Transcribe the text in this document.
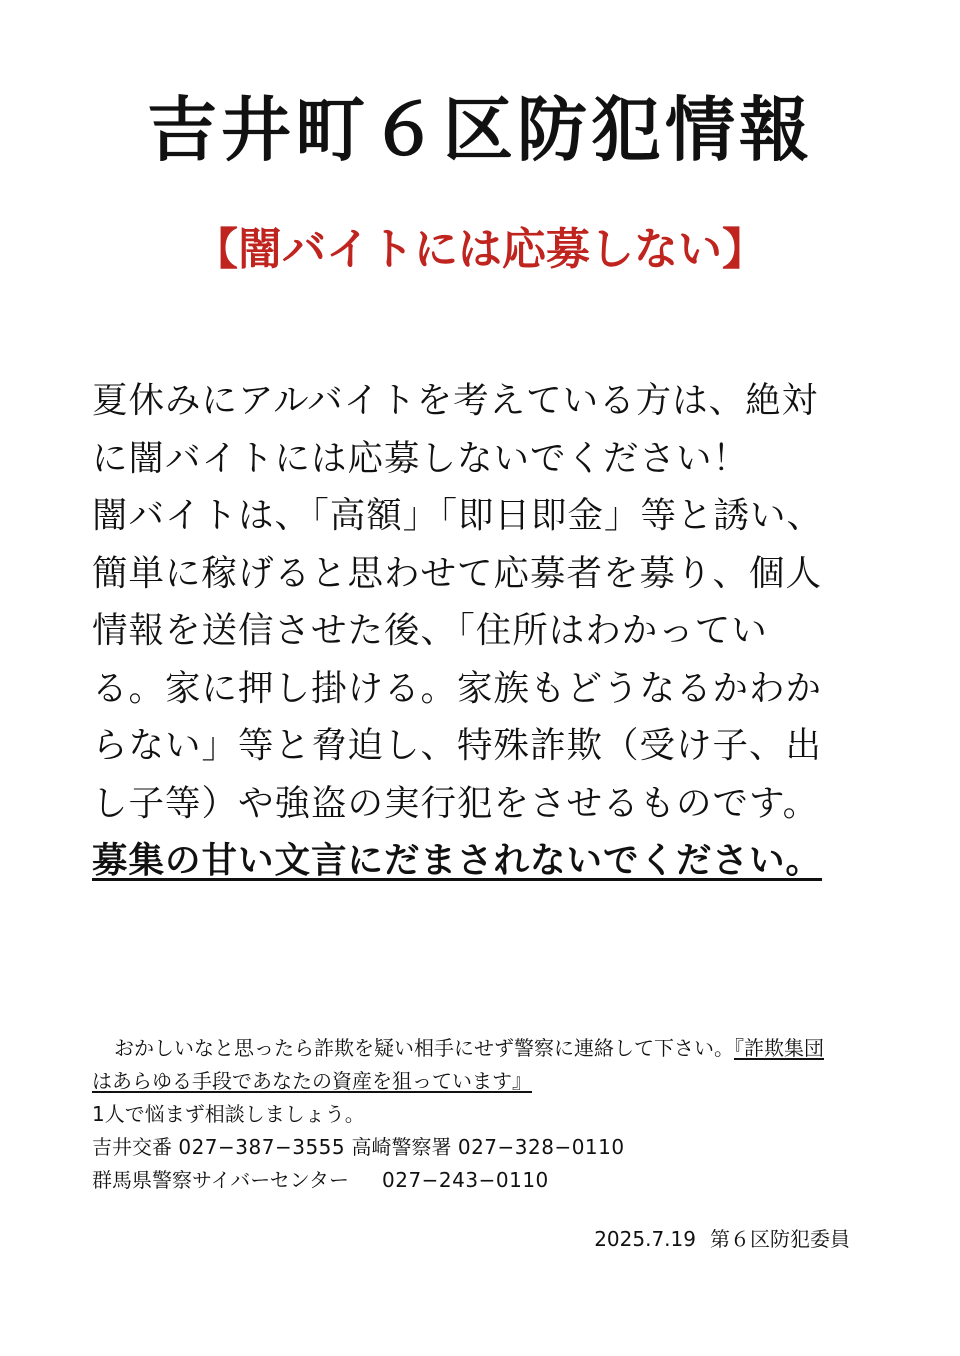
吉井町６区防犯情報
【闇バイトには応募しない】
夏休みにアルバイトを考えている方は、絶対
に闇バイトには応募しないでください！
闇バイトは、「高額」「即日即金」等と誘い、
簡単に稼げると思わせて応募者を募り、個人
情報を送信させた後、「住所はわかってい
る。家に押し掛ける。家族もどうなるかわか
らない」等と脅迫し、特殊詐欺（受け子、出
し子等）や強盗の実行犯をさせるものです。
募集の甘い文言にだまされないでください。
おかしいなと思ったら詐欺を疑い相手にせず警察に連絡して下さい。『詐欺集団
はあらゆる手段であなたの資産を狙っています』
1人で悩まず相談しましょう。
吉井交番 027−387−3555 高崎警察署 027−328−0110
群馬県警察サイバーセンター 027−243−0110
2025.7.19 第６区防犯委員
